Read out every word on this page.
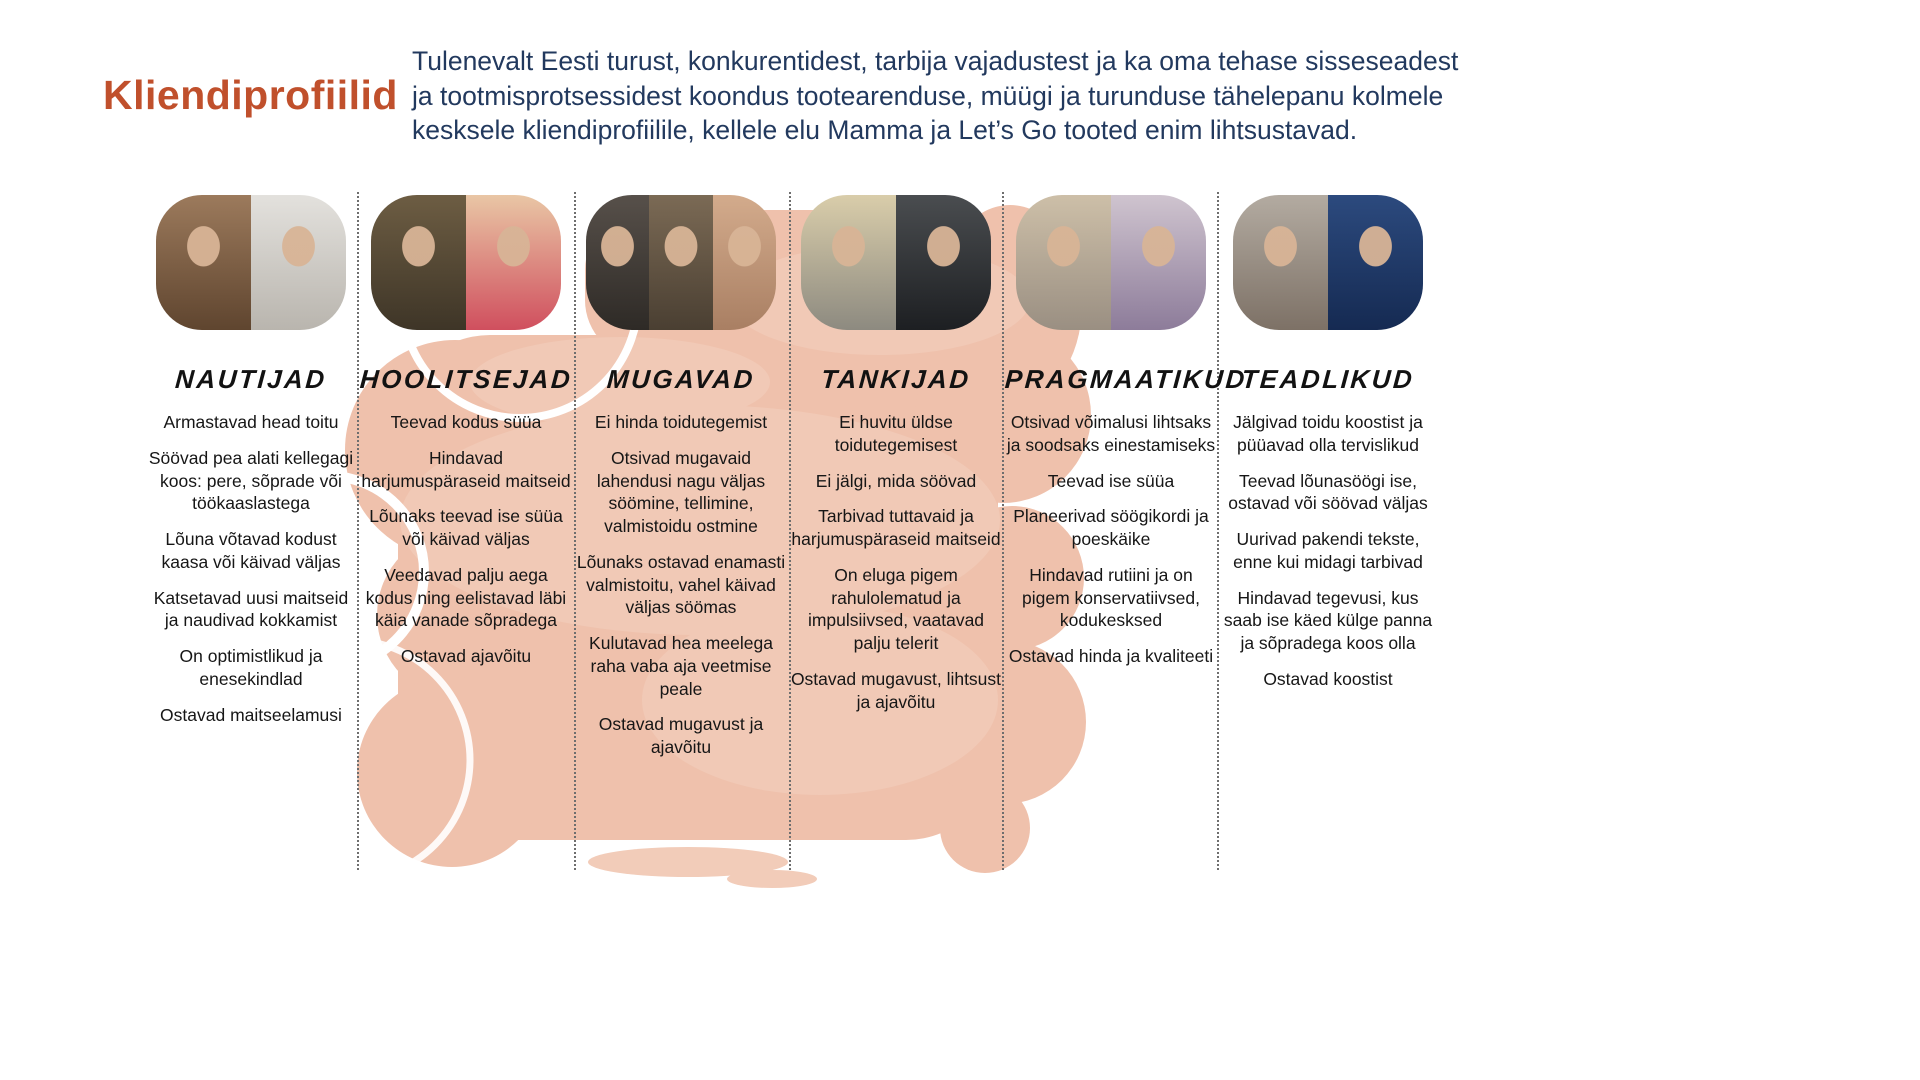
Kliendiprofiilid
Tulenevalt Eesti turust, konkurentidest, tarbija vajadustest ja ka oma tehase sisseseadest
ja tootmisprotsessidest koondus tootearenduse, müügi ja turunduse tähelepanu kolmele
kesksele kliendiprofiilile, kellele elu Mamma ja Let’s Go tooted enim lihtsustavad.
NAUTIJAD

Armastavad head toitu

Söövad pea alati kellegagi koos: pere, sõprade või töökaaslastega

Lõuna võtavad kodust kaasa või käivad väljas

Katsetavad uusi maitseid ja naudivad kokkamist

On optimistlikud ja enesekindlad

Ostavad maitseelamusi

HOOLITSEJAD

Teevad kodus süüa

Hindavad harjumuspäraseid maitseid

Lõunaks teevad ise süüa või käivad väljas

Veedavad palju aega kodus ning eelistavad läbi käia vanade sõpradega

Ostavad ajavõitu

MUGAVAD

Ei hinda toidutegemist

Otsivad mugavaid lahendusi nagu väljas söömine, tellimine, valmistoidu ostmine

Lõunaks ostavad enamasti valmistoitu, vahel käivad väljas söömas

Kulutavad hea meelega raha vaba aja veetmise peale

Ostavad mugavust ja ajavõitu

TANKIJAD

Ei huvitu üldse toidutegemisest

Ei jälgi, mida söövad

Tarbivad tuttavaid ja harjumuspäraseid maitseid

On eluga pigem rahulolematud ja impulsiivsed, vaatavad palju telerit

Ostavad mugavust, lihtsust ja ajavõitu

PRAGMAATIKUD

Otsivad võimalusi lihtsaks ja soodsaks einestamiseks

Teevad ise süüa

Planeerivad söögikordi ja poeskäike

Hindavad rutiini ja on pigem konservatiivsed, kodukesksed

Ostavad hinda ja kvaliteeti

TEADLIKUD

Jälgivad toidu koostist ja püüavad olla tervislikud

Teevad lõunasöögi ise, ostavad või söövad väljas

Uurivad pakendi tekste, enne kui midagi tarbivad

Hindavad tegevusi, kus saab ise käed külge panna ja sõpradega koos olla

Ostavad koostist
